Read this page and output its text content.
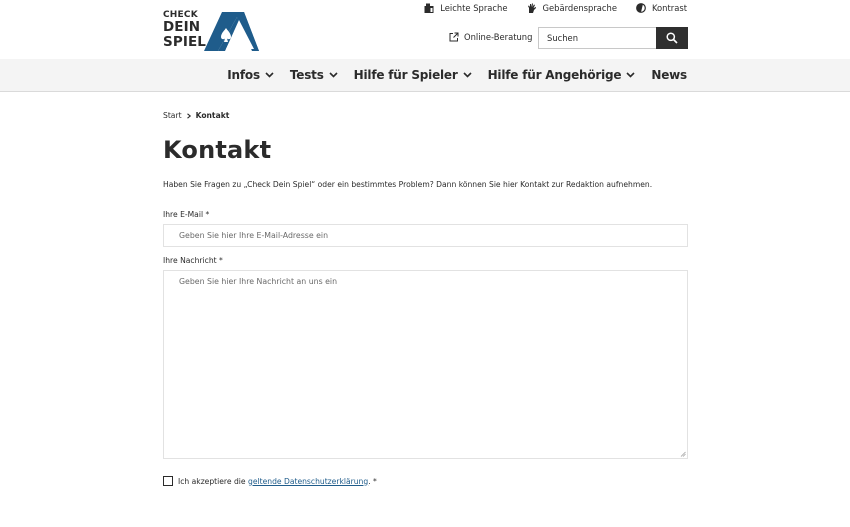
CHECK
DEIN
SPIEL
Leichte Sprache	Gebärdensprache	Kontrast
Online-Beratung
Suchen
Infos	Tests	Hilfe für Spieler	Hilfe für Angehörige	News
Start Kontakt
Kontakt

Haben Sie Fragen zu „Check Dein Spiel“ oder ein bestimmtes Problem? Dann können Sie hier Kontakt zur Redaktion aufnehmen.

Ihre E-Mail *
Geben Sie hier Ihre E-Mail-Adresse ein
Ihre Nachricht *
Geben Sie hier Ihre Nachricht an uns ein
Ich akzeptiere die geltende Datenschutzerklärung. *
